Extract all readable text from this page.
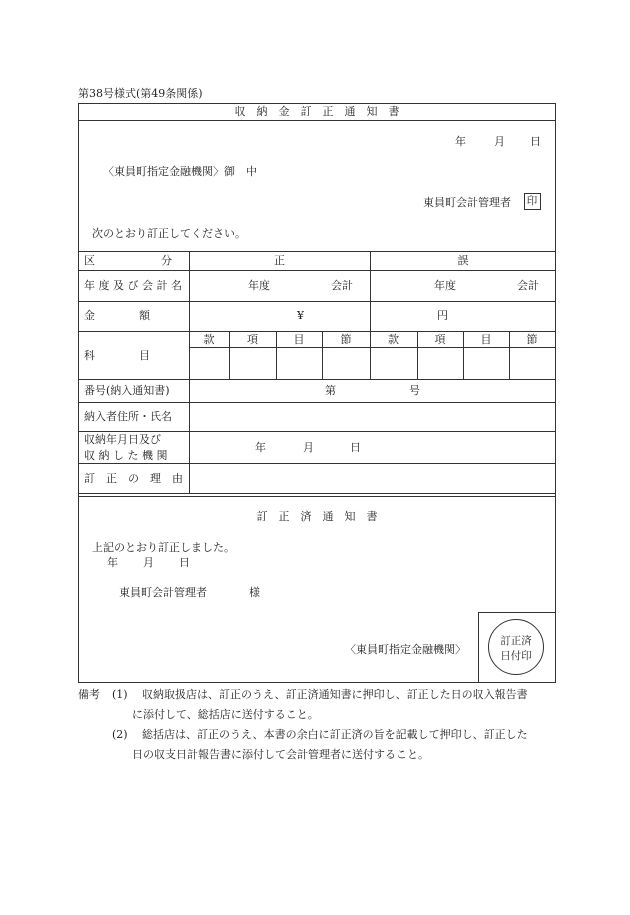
第38号様式(第49条関係)
収　納　金　訂　正　通　知　書
年	月 日
〈東員町指定金融機関〉御　中
東員町会計管理者 印
次のとおり訂正してください。
区　　　　　　分	正	誤
年 度 及 び 会 計 名	年度	会計	年度	会計
金　　　　額	¥	円
科　　　　目
款	項	目	節	款	項	目	節
番号(納入通知書)	第	号
納入者住所・氏名
収納年月日及び
収 納 し た 機 関
年	月	日
訂　正　の　理　由
訂　正　済　通　知　書
上記のとおり訂正しました。
年 月 日
東員町会計管理者	様
〈東員町指定金融機関〉
訂正済
日付印
備考 (1) 収納取扱店は、訂正のうえ、訂正済通知書に押印し、訂正した日の収入報告書
に添付して、総括店に送付すること。
(2) 総括店は、訂正のうえ、本書の余白に訂正済の旨を記載して押印し、訂正した
日の収支日計報告書に添付して会計管理者に送付すること。
